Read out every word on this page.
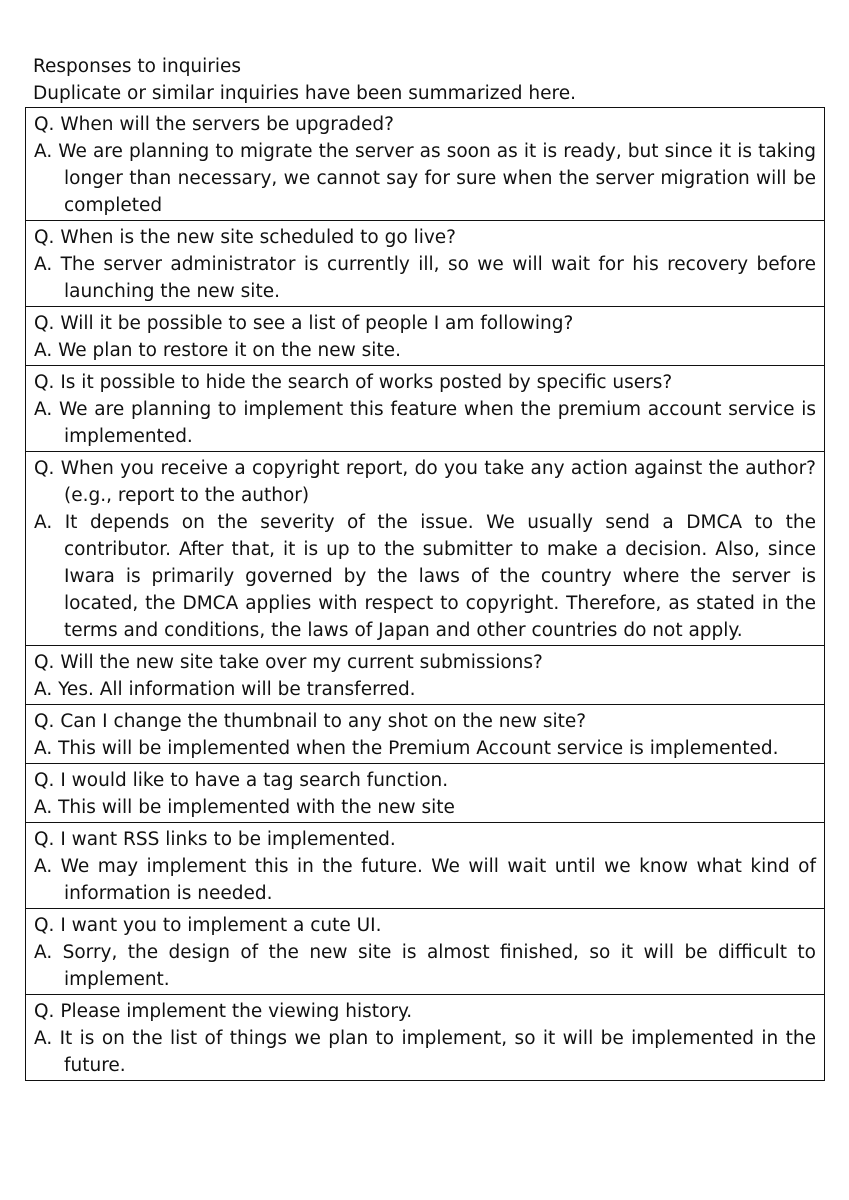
Responses to inquiries

Duplicate or similar inquiries have been summarized here.

Q. When will the servers be upgraded?

A. We are planning to migrate the server as soon as it is ready, but since it is taking longer than necessary, we cannot say for sure when the server migration will be completed

Q. When is the new site scheduled to go live?

A. The server administrator is currently ill, so we will wait for his recovery before launching the new site.

Q. Will it be possible to see a list of people I am following?

A. We plan to restore it on the new site.

Q. Is it possible to hide the search of works posted by specific users?

A. We are planning to implement this feature when the premium account service is implemented.

Q. When you receive a copyright report, do you take any action against the author? (e.g., report to the author)

A. It depends on the severity of the issue. We usually send a DMCA to the contributor. After that, it is up to the submitter to make a decision. Also, since Iwara is primarily governed by the laws of the country where the server is located, the DMCA applies with respect to copyright. Therefore, as stated in the terms and conditions, the laws of Japan and other countries do not apply.

Q. Will the new site take over my current submissions?

A. Yes. All information will be transferred.

Q. Can I change the thumbnail to any shot on the new site?

A. This will be implemented when the Premium Account service is implemented.

Q. I would like to have a tag search function.

A. This will be implemented with the new site

Q. I want RSS links to be implemented.

A. We may implement this in the future. We will wait until we know what kind of information is needed.

Q. I want you to implement a cute UI.

A. Sorry, the design of the new site is almost finished, so it will be difficult to implement.

Q. Please implement the viewing history.

A. It is on the list of things we plan to implement, so it will be implemented in the future.
